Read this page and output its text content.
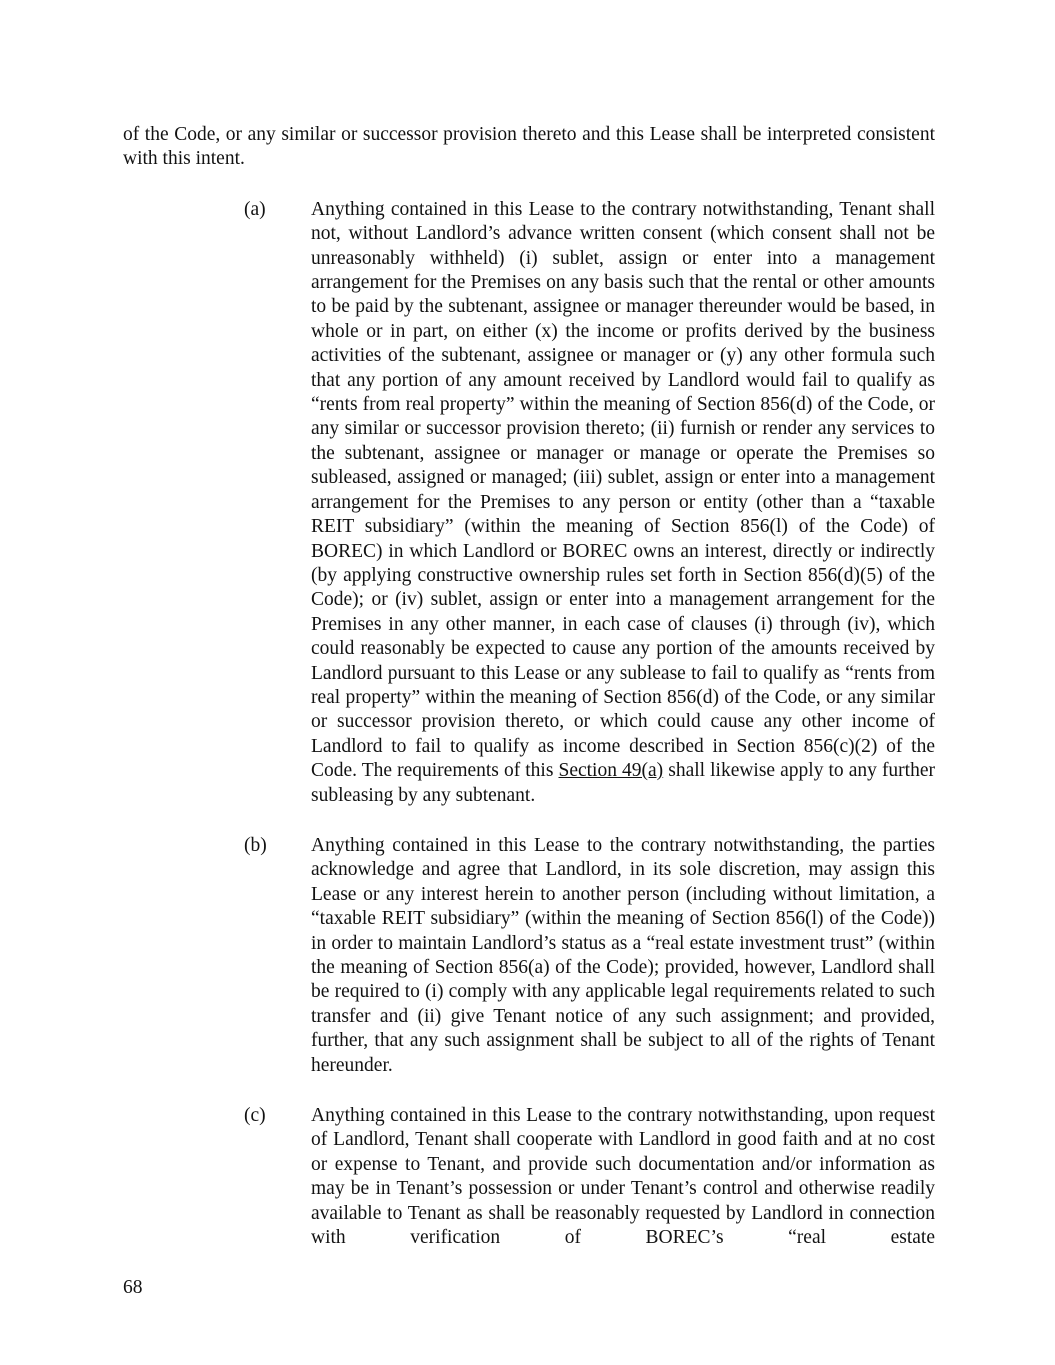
of the Code, or any similar or successor provision thereto and this Lease shall be interpreted consistent with this intent.

(a)	Anything contained in this Lease to the contrary notwithstanding, Tenant shall not, without Landlord’s advance written consent (which consent shall not be unreasonably withheld) (i) sublet, assign or enter into a management arrangement for the Premises on any basis such that the rental or other amounts to be paid by the subtenant, assignee or manager thereunder would be based, in whole or in part, on either (x) the income or profits derived by the business activities of the subtenant, assignee or manager or (y) any other formula such that any portion of any amount received by Landlord would fail to qualify as “rents from real property” within the meaning of Section 856(d) of the Code, or any similar or successor provision thereto; (ii) furnish or render any services to the subtenant, assignee or manager or manage or operate the Premises so subleased, assigned or managed; (iii) sublet, assign or enter into a management arrangement for the Premises to any person or entity (other than a “taxable REIT subsidiary” (within the meaning of Section 856(l) of the Code) of BOREC) in which Landlord or BOREC owns an interest, directly or indirectly (by applying constructive ownership rules set forth in Section 856(d)(5) of the Code); or (iv) sublet, assign or enter into a management arrangement for the Premises in any other manner, in each case of clauses (i) through (iv), which could reasonably be expected to cause any portion of the amounts received by Landlord pursuant to this Lease or any sublease to fail to qualify as “rents from real property” within the meaning of Section 856(d) of the Code, or any similar or successor provision thereto, or which could cause any other income of Landlord to fail to qualify as income described in Section 856(c)(2) of the Code. The requirements of this Section 49(a) shall likewise apply to any further subleasing by any subtenant.

(b)	Anything contained in this Lease to the contrary notwithstanding, the parties acknowledge and agree that Landlord, in its sole discretion, may assign this Lease or any interest herein to another person (including without limitation, a “taxable REIT subsidiary” (within the meaning of Section 856(l) of the Code)) in order to maintain Landlord’s status as a “real estate investment trust” (within the meaning of Section 856(a) of the Code); provided, however, Landlord shall be required to (i) comply with any applicable legal requirements related to such transfer and (ii) give Tenant notice of any such assignment; and provided, further, that any such assignment shall be subject to all of the rights of Tenant hereunder.

(c)	Anything contained in this Lease to the contrary notwithstanding, upon request of Landlord, Tenant shall cooperate with Landlord in good faith and at no cost or expense to Tenant, and provide such documentation and/or information as may be in Tenant’s possession or under Tenant’s control and otherwise readily available to Tenant as shall be reasonably requested by Landlord in connection with verification of BOREC’s “real estate

68
